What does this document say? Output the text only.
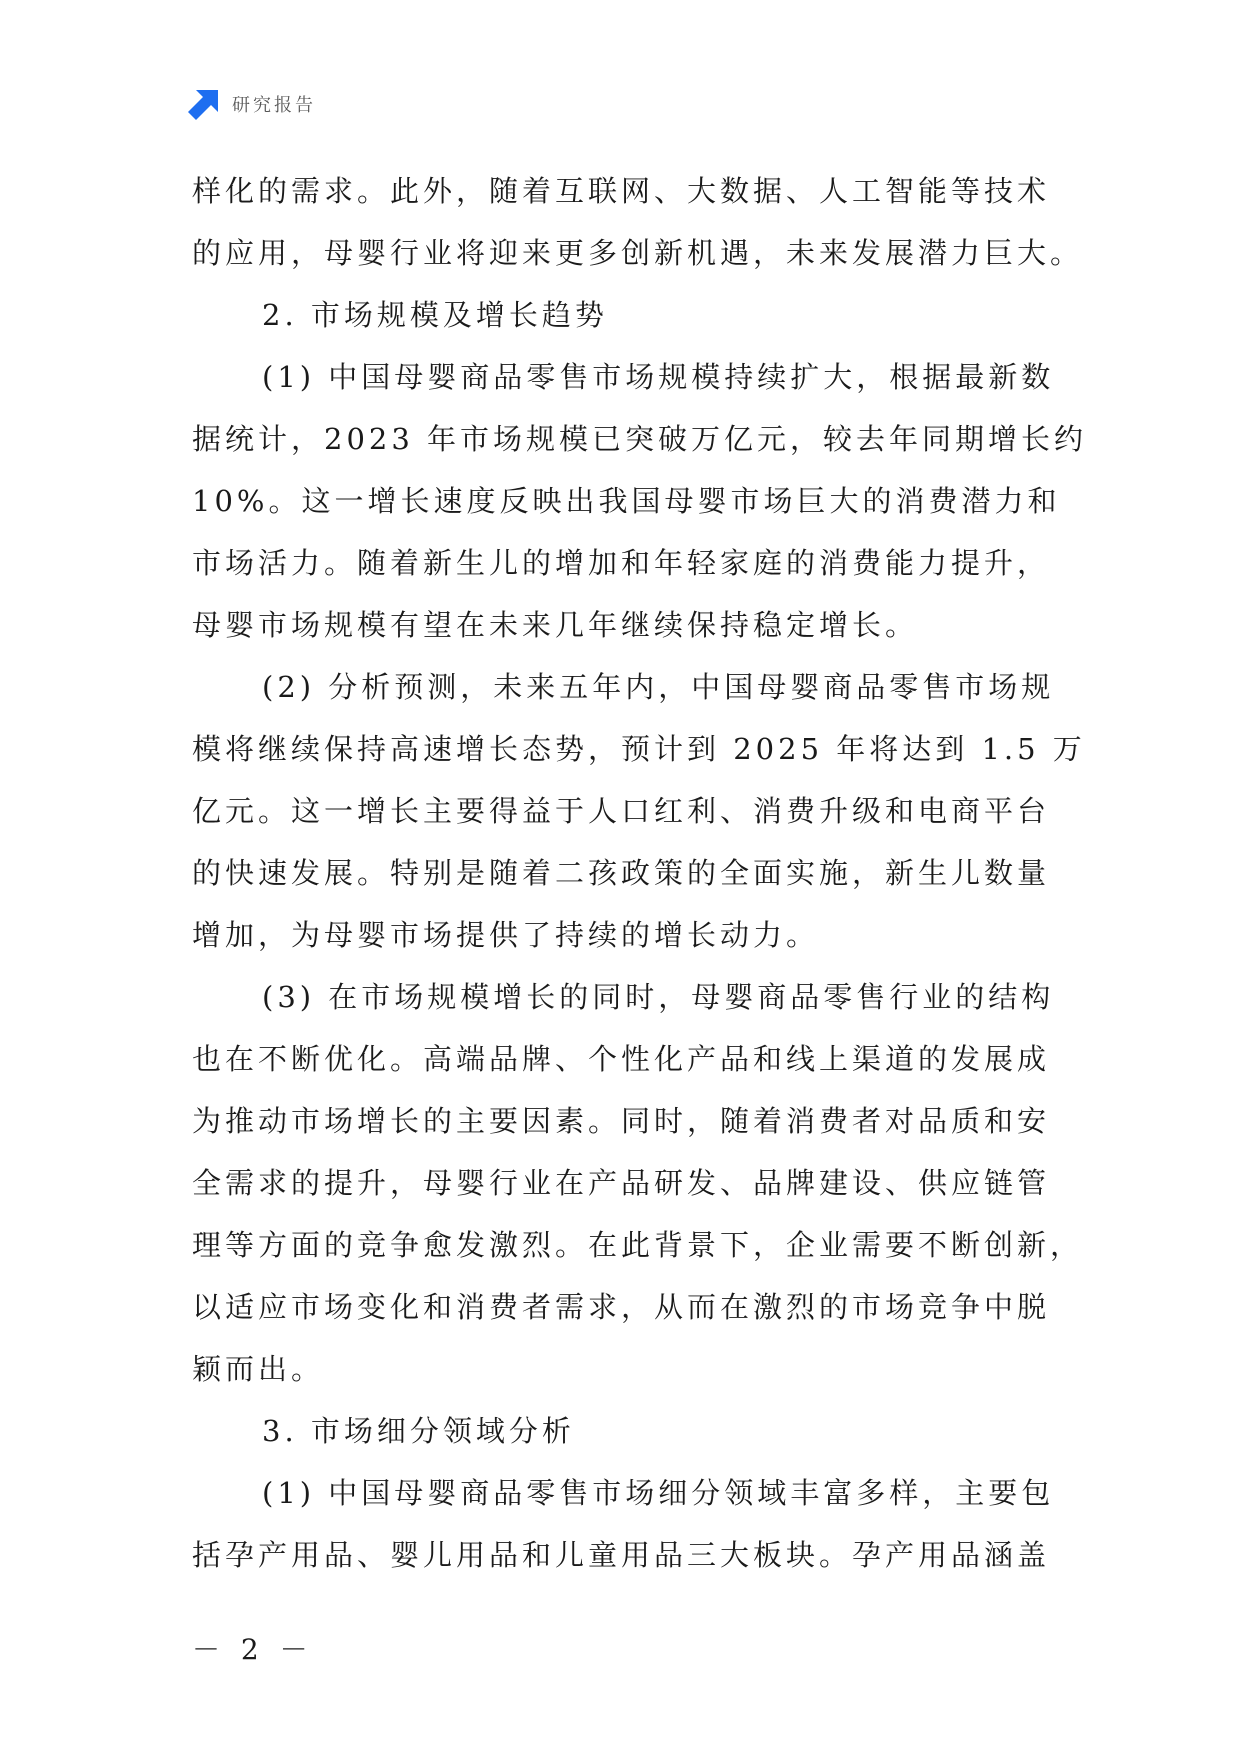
研究报告
样化的需求。此外，随着互联网、大数据、人工智能等技术
的应用，母婴行业将迎来更多创新机遇，未来发展潜力巨大。
2. 市场规模及增长趋势
(1) 中国母婴商品零售市场规模持续扩大，根据最新数
据统计，2023 年市场规模已突破万亿元，较去年同期增长约
10%。这一增长速度反映出我国母婴市场巨大的消费潜力和
市场活力。随着新生儿的增加和年轻家庭的消费能力提升，
母婴市场规模有望在未来几年继续保持稳定增长。
(2) 分析预测，未来五年内，中国母婴商品零售市场规
模将继续保持高速增长态势，预计到 2025 年将达到 1.5 万
亿元。这一增长主要得益于人口红利、消费升级和电商平台
的快速发展。特别是随着二孩政策的全面实施，新生儿数量
增加，为母婴市场提供了持续的增长动力。
(3) 在市场规模增长的同时，母婴商品零售行业的结构
也在不断优化。高端品牌、个性化产品和线上渠道的发展成
为推动市场增长的主要因素。同时，随着消费者对品质和安
全需求的提升，母婴行业在产品研发、品牌建设、供应链管
理等方面的竞争愈发激烈。在此背景下，企业需要不断创新，
以适应市场变化和消费者需求，从而在激烈的市场竞争中脱
颖而出。
3. 市场细分领域分析
(1) 中国母婴商品零售市场细分领域丰富多样，主要包
括孕产用品、婴儿用品和儿童用品三大板块。孕产用品涵盖
－ 2 －
